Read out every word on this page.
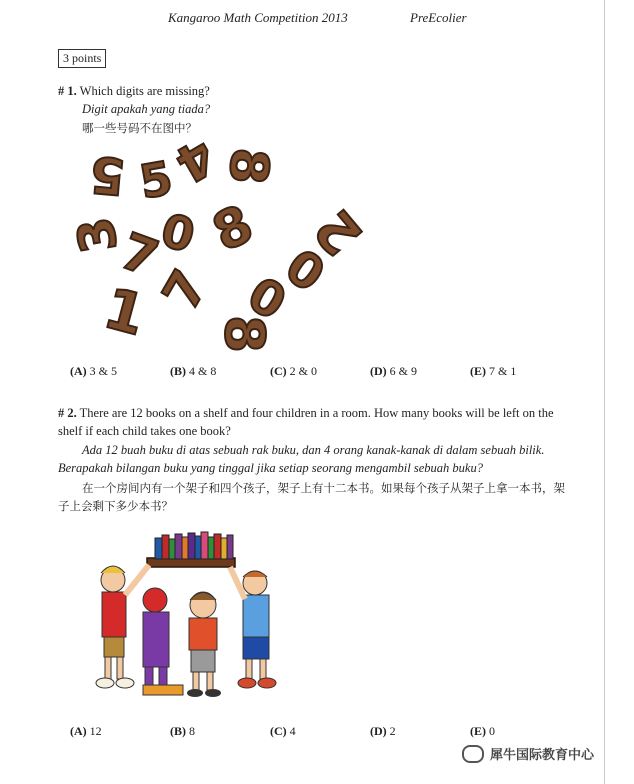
Kangaroo Math Competition 2013	PreEcolier
3 points
# 1. Which digits are missing?
Digit apakah yang tiada?
哪一些号码不在图中？
5 5
4
8
3
7
0 8 2
1 7 0
0
8
(A) 3 & 5	(B) 4 & 8	(C) 2 & 0	(D) 6 & 9	(E) 7 & 1
# 2. There are 12 books on a shelf and four children in a room. How many books will be left on the
shelf if each child takes one book?
Ada 12 buah buku di atas sebuah rak buku, dan 4 orang kanak-kanak di dalam sebuah bilik.
Berapakah bilangan buku yang tinggal jika setiap seorang mengambil sebuah buku?
在一个房间内有一个架子和四个孩子，架子上有十二本书。如果每个孩子从架子上拿一本书，架
子上会剩下多少本书？
(A) 12	(B) 8	(C) 4	(D) 2	(E) 0
犀牛国际教育中心
